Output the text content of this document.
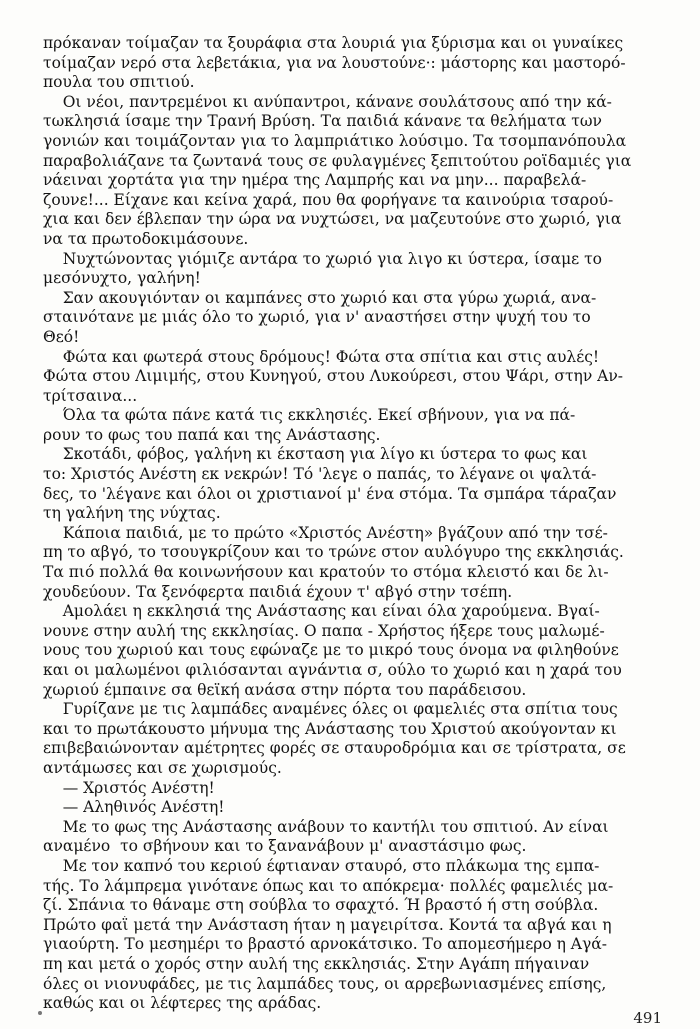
πρόκαναν τοίμαζαν τα ξουράφια στα λουριά για ξύρισμα και οι γυναίκες
τοίμαζαν νερό στα λεβετάκια, για να λουστούνε·: μάστορης και μαστορό-
πουλα του σπιτιού.
Οι νέοι, παντρεμένοι κι ανύπαντροι, κάνανε σουλάτσους από την κά-
τωκλησιά ίσαμε την Τρανή Βρύση. Τα παιδιά κάνανε τα θελήματα των
γονιών και τοιμάζονταν για το λαμπριάτικο λούσιμο. Τα τσομπανόπουλα
παραβολιάζανε τα ζωντανά τους σε φυλαγμένες ξεπιτούτου ροϊδαμιές για
νάειναι χορτάτα για την ημέρα της Λαμπρής και να μην... παραβελά-
ζουνε!... Είχανε και κείνα χαρά, που θα φορήγανε τα καινούρια τσαρού-
χια και δεν έβλεπαν την ώρα να νυχτώσει, να μαζευτούνε στο χωριό, για
να τα πρωτοδοκιμάσουνε.
Νυχτώνοντας γιόμιζε αντάρα το χωριό για λιγο κι ύστερα, ίσαμε το
μεσόνυχτο, γαλήνη!
Σαν ακουγιόνταν οι καμπάνες στο χωριό και στα γύρω χωριά, ανα-
σταινότανε με μιάς όλο το χωριό, για ν' αναστήσει στην ψυχή του το
Θεό!
Φώτα και φωτερά στους δρόμους! Φώτα στα σπίτια και στις αυλές!
Φώτα στου Λιμιμής, στου Κυνηγού, στου Λυκούρεσι, στου Ψάρι, στην Αν-
τρίτσαινα...
Όλα τα φώτα πάνε κατά τις εκκλησιές. Εκεί σβήνουν, για να πά-
ρουν το φως του παπά και της Ανάστασης.
Σκοτάδι, φόβος, γαλήνη κι έκσταση για λίγο κι ύστερα το φως και
το: Χριστός Ανέστη εκ νεκρών! Τό 'λεγε ο παπάς, το λέγανε οι ψαλτά-
δες, το 'λέγανε και όλοι οι χριστιανοί μ' ένα στόμα. Τα σμπάρα τάραζαν
τη γαλήνη της νύχτας.
Κάποια παιδιά, με το πρώτο «Χριστός Ανέστη» βγάζουν από την τσέ-
πη το αβγό, το τσουγκρίζουν και το τρώνε στον αυλόγυρο της εκκλησιάς.
Τα πιό πολλά θα κοινωνήσουν και κρατούν το στόμα κλειστό και δε λι-
χουδεύουν. Τα ξενόφερτα παιδιά έχουν τ' αβγό στην τσέπη.
Αμολάει η εκκλησιά της Ανάστασης και είναι όλα χαρούμενα. Βγαί-
νουνε στην αυλή της εκκλησίας. Ο παπα - Χρήστος ήξερε τους μαλωμέ-
νους του χωριού και τους εφώναζε με το μικρό τους όνομα να φιληθούνε
και οι μαλωμένοι φιλιόσανται αγνάντια σ, ούλο το χωριό και η χαρά του
χωριού έμπαινε σα θεϊκή ανάσα στην πόρτα του παράδεισου.
Γυρίζανε με τις λαμπάδες αναμένες όλες οι φαμελιές στα σπίτια τους
και το πρωτάκουστο μήνυμα της Ανάστασης του Χριστού ακούγονταν κι
επιβεβαιώνονταν αμέτρητες φορές σε σταυροδρόμια και σε τρίστρατα, σε
αντάμωσες και σε χωρισμούς.
— Χριστός Ανέστη!
— Αληθινός Ανέστη!
Με το φως της Ανάστασης ανάβουν το καντήλι του σπιτιού. Αν είναι
αναμένο  το σβήνουν και το ξανανάβουν μ' αναστάσιμο φως.
Με τον καπνό του κεριού έφτιαναν σταυρό, στο πλάκωμα της εμπα-
τής. Το λάμπρεμα γινότανε όπως και το απόκρεμα· πολλές φαμελιές μα-
ζί. Σπάνια το θάναμε στη σούβλα το σφαχτό. Ή βραστό ή στη σούβλα.
Πρώτο φαΐ μετά την Ανάσταση ήταν η μαγειρίτσα. Κοντά τα αβγά και η
γιαούρτη. Το μεσημέρι το βραστό αρνοκάτσικο. Το απομεσήμερο η Αγά-
πη και μετά ο χορός στην αυλή της εκκλησιάς. Στην Αγάπη πήγαιναν
όλες οι νιονυφάδες, με τις λαμπάδες τους, οι αρρεβωνιασμένες επίσης,
καθώς και οι λέφτερες της αράδας.
491
